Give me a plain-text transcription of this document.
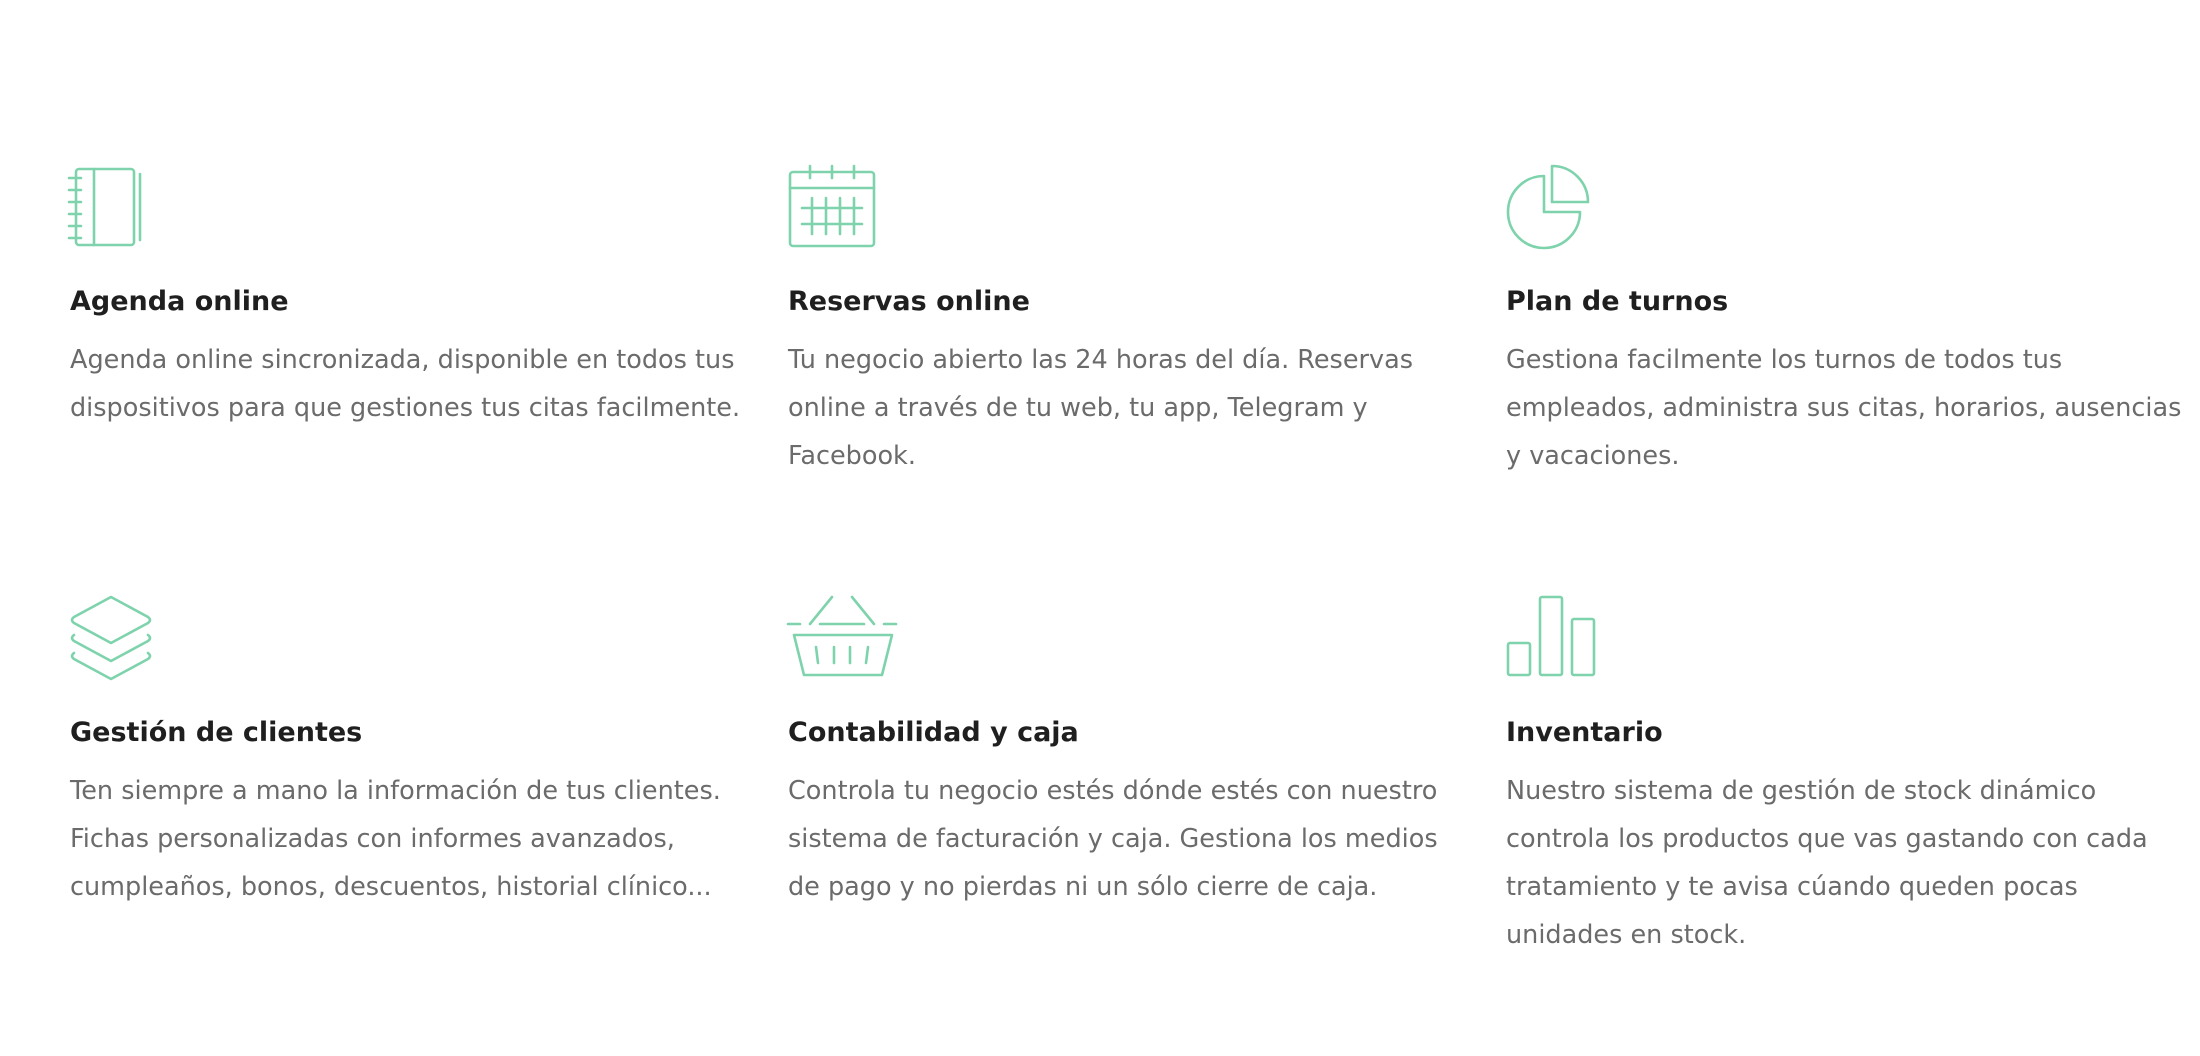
Agenda online

Agenda online sincronizada, disponible en todos tus dispositivos para que gestiones tus citas facilmente.

Reservas online

Tu negocio abierto las 24 horas del día. Reservas online a través de tu web, tu app, Telegram y Facebook.

Plan de turnos

Gestiona facilmente los turnos de todos tus empleados, administra sus citas, horarios, ausencias y vacaciones.

Gestión de clientes

Ten siempre a mano la información de tus clientes. Fichas personalizadas con informes avanzados, cumpleaños, bonos, descuentos, historial clínico...

Contabilidad y caja

Controla tu negocio estés dónde estés con nuestro sistema de facturación y caja. Gestiona los medios de pago y no pierdas ni un sólo cierre de caja.

Inventario

Nuestro sistema de gestión de stock dinámico controla los productos que vas gastando con cada tratamiento y te avisa cúando queden pocas unidades en stock.
